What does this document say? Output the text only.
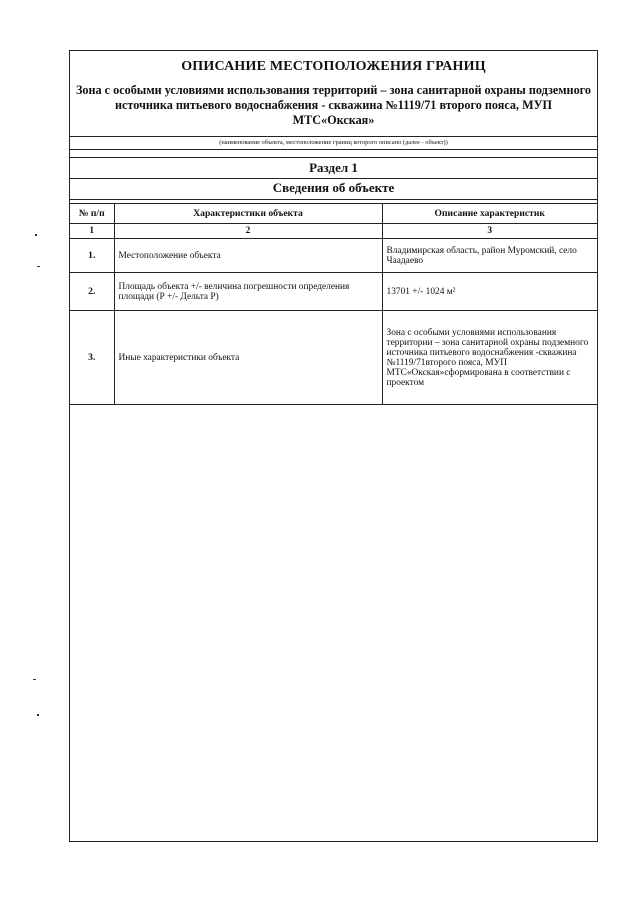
ОПИСАНИЕ МЕСТОПОЛОЖЕНИЯ ГРАНИЦ
Зона с особыми условиями использования территорий – зона санитарной охраны подземного источника питьевого водоснабжения - скважина №1119/71 второго пояса, МУП МТС«Окская»
(наименование объекта, местоположение границ которого описано (далее - объект))
Раздел 1
Сведения об объекте
№ п/п	Характеристики объекта	Описание характеристик
1	2	3
1.	Местоположение объекта	Владимирская область, район Муромский, село Чаадаево
2.	Площадь объекта +/- величина погрешности определения площади (Р +/- Дельта Р)	13701 +/- 1024 м²
3.	Иные характеристики объекта	Зона с особыми условиями использования территории – зона санитарной охраны подземного источника питьевого водоснабжения -скважина №1119/71второго пояса, МУП МТС«Окская»сформирована в соответствии с проектом
